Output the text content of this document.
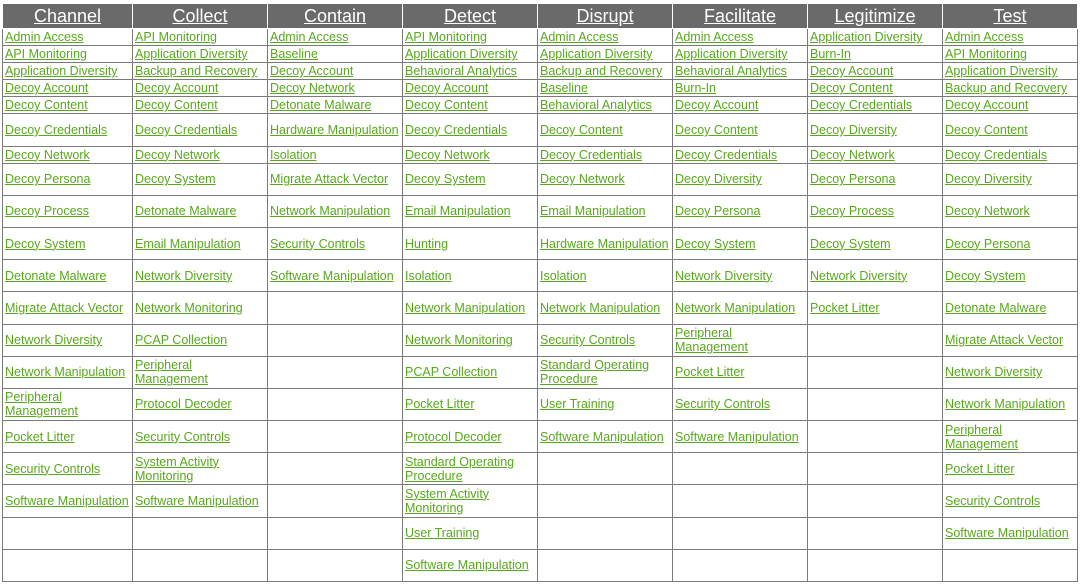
Channel	Collect	Contain	Detect	Disrupt	Facilitate	Legitimize	Test
Admin Access	API Monitoring	Admin Access	API Monitoring	Admin Access	Admin Access	Application Diversity	Admin Access
API Monitoring	Application Diversity	Baseline	Application Diversity	Application Diversity	Application Diversity	Burn-In	API Monitoring
Application Diversity	Backup and Recovery	Decoy Account	Behavioral Analytics	Backup and Recovery	Behavioral Analytics	Decoy Account	Application Diversity
Decoy Account	Decoy Account	Decoy Network	Decoy Account	Baseline	Burn-In	Decoy Content	Backup and Recovery
Decoy Content	Decoy Content	Detonate Malware	Decoy Content	Behavioral Analytics	Decoy Account	Decoy Credentials	Decoy Account
Decoy Credentials	Decoy Credentials	Hardware Manipulation	Decoy Credentials	Decoy Content	Decoy Content	Decoy Diversity	Decoy Content
Decoy Network	Decoy Network	Isolation	Decoy Network	Decoy Credentials	Decoy Credentials	Decoy Network	Decoy Credentials
Decoy Persona	Decoy System	Migrate Attack Vector	Decoy System	Decoy Network	Decoy Diversity	Decoy Persona	Decoy Diversity
Decoy Process	Detonate Malware	Network Manipulation	Email Manipulation	Email Manipulation	Decoy Persona	Decoy Process	Decoy Network
Decoy System	Email Manipulation	Security Controls	Hunting	Hardware Manipulation	Decoy System	Decoy System	Decoy Persona
Detonate Malware	Network Diversity	Software Manipulation	Isolation	Isolation	Network Diversity	Network Diversity	Decoy System
Migrate Attack Vector	Network Monitoring		Network Manipulation	Network Manipulation	Network Manipulation	Pocket Litter	Detonate Malware
Network Diversity	PCAP Collection		Network Monitoring	Security Controls	Peripheral Management		Migrate Attack Vector
Network Manipulation	Peripheral Management		PCAP Collection	Standard Operating Procedure	Pocket Litter		Network Diversity
Peripheral Management	Protocol Decoder		Pocket Litter	User Training	Security Controls		Network Manipulation
Pocket Litter	Security Controls		Protocol Decoder	Software Manipulation	Software Manipulation		Peripheral Management
Security Controls	System Activity Monitoring		Standard Operating Procedure				Pocket Litter
Software Manipulation	Software Manipulation		System Activity Monitoring				Security Controls
			User Training				Software Manipulation
			Software Manipulation				
